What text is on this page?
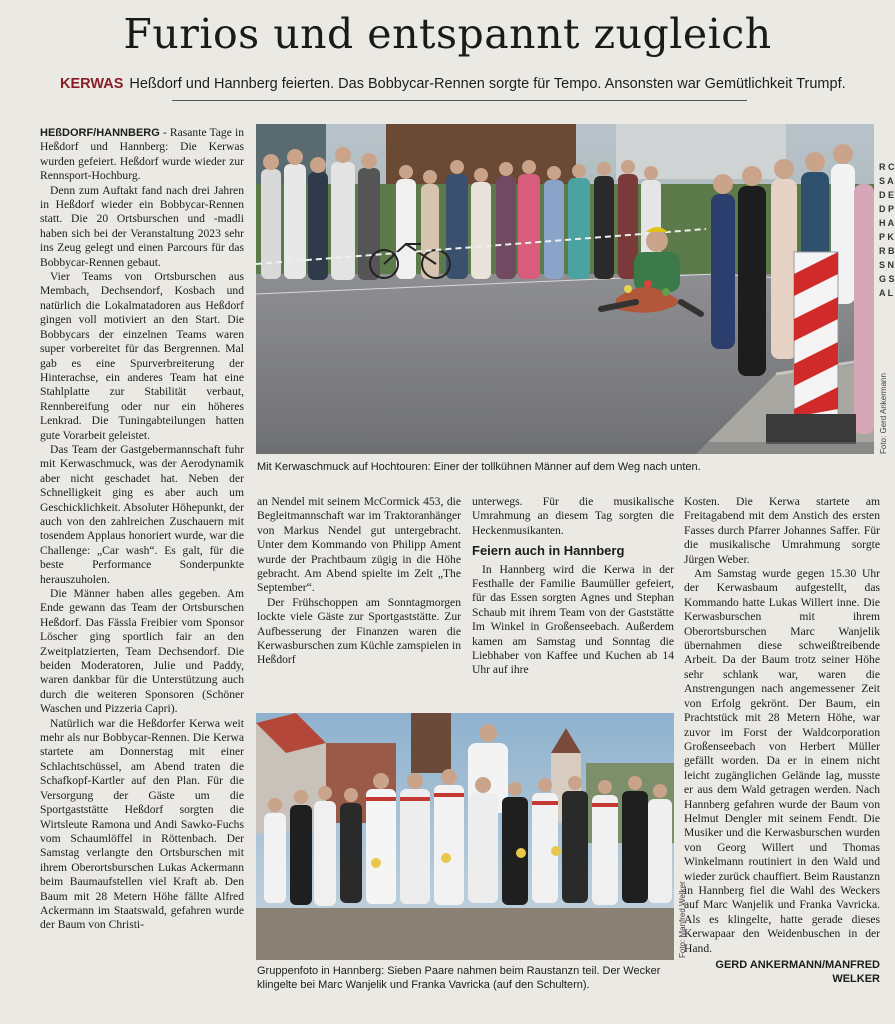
Furios und entspannt zugleich
KERWAS Heßdorf und Hannberg feierten. Das Bobbycar-Rennen sorgte für Tempo. Ansonsten war Gemütlichkeit Trumpf.

HEßDORF/HANNBERG - Rasante Tage in Heßdorf und Hannberg: Die Kerwas wurden gefeiert. Heßdorf wurde wieder zur Rennsport-Hochburg.

Denn zum Auftakt fand nach drei Jahren in Heßdorf wieder ein Bobbycar-Rennen statt. Die 20 Ortsburschen und -madli haben sich bei der Veranstaltung 2023 sehr ins Zeug gelegt und einen Parcours für das Bobbycar-Rennen gebaut.

Vier Teams von Ortsburschen aus Membach, Dechsendorf, Kosbach und natürlich die Lokalmatadoren aus Heßdorf gingen voll motiviert an den Start. Die Bobbycars der einzelnen Teams waren super vorbereitet für das Bergrennen. Mal gab es eine Spurverbreiterung der Hinterachse, ein anderes Team hat eine Stahlplatte zur Stabilität verbaut, Rennbereifung oder nur ein höheres Lenkrad. Die Tuningabteilungen hatten gute Vorarbeit geleistet.

Das Team der Gastgebermannschaft fuhr mit Kerwaschmuck, was der Aerodynamik aber nicht geschadet hat. Neben der Schnelligkeit ging es aber auch um Geschicklichkeit. Absoluter Höhepunkt, der auch von den zahlreichen Zuschauern mit tosendem Applaus honoriert wurde, war die Challenge: „Car wash“. Es galt, für die beste Performance Sonderpunkte herauszuholen.

Die Männer haben alles gegeben. Am Ende gewann das Team der Ortsburschen Heßdorf. Das Fässla Freibier vom Sponsor Löscher ging sportlich fair an den Zweitplatzierten, Team Dechsendorf. Die beiden Moderatoren, Julie und Paddy, waren dankbar für die Unterstützung auch durch die weiteren Sponsoren (Schöner Waschen und Pizzeria Capri).

Natürlich war die Heßdorfer Kerwa weit mehr als nur Bobbycar-Rennen. Die Kerwa startete am Donnerstag mit einer Schlachtschüssel, am Abend traten die Schafkopf-Kartler auf den Plan. Für die Versorgung der Gäste um die Sportgaststätte Heßdorf sorgten die Wirtsleute Ramona und Andi Sawko-Fuchs vom Schaumlöffel in Röttenbach. Der Samstag verlangte den Ortsburschen mit ihrem Oberortsburschen Lukas Ackermann beim Baumaufstellen viel Kraft ab. Den Baum mit 28 Metern Höhe fällte Alfred Ackermann im Staatswald, gefahren wurde der Baum von Christi-

Foto: Gerd Ankermann
Mit Kerwaschmuck auf Hochtouren: Einer der tollkühnen Männer auf dem Weg nach unten.

an Nendel mit seinem McCormick 453, die Begleitmannschaft war im Traktoranhänger von Markus Nendel gut untergebracht. Unter dem Kommando von Philipp Ament wurde der Prachtbaum zügig in die Höhe gebracht. Am Abend spielte im Zelt „The September“.

Der Frühschoppen am Sonntagmorgen lockte viele Gäste zur Sportgaststätte. Zur Aufbesserung der Finanzen waren die Kerwasburschen zum Küchle zamspielen in Heßdorf

unterwegs. Für die musikalische Umrahmung an diesem Tag sorgten die Heckenmusikanten.

Feiern auch in Hannberg

In Hannberg wird die Kerwa in der Festhalle der Familie Baumüller gefeiert, für das Essen sorgten Agnes und Stephan Schaub mit ihrem Team von der Gaststätte Im Winkel in Großenseebach. Außerdem kamen am Samstag und Sonntag die Liebhaber von Kaffee und Kuchen ab 14 Uhr auf ihre

Kosten. Die Kerwa startete am Freitagabend mit dem Anstich des ersten Fasses durch Pfarrer Johannes Saffer. Für die musikalische Umrahmung sorgte Jürgen Weber.

Am Samstag wurde gegen 15.30 Uhr der Kerwasbaum aufgestellt, das Kommando hatte Lukas Willert inne. Die Kerwasburschen mit ihrem Oberortsburschen Marc Wanjelik übernahmen diese schweißtreibende Arbeit. Da der Baum trotz seiner Höhe sehr schlank war, waren die Anstrengungen nach angemessener Zeit von Erfolg gekrönt. Der Baum, ein Prachtstück mit 28 Metern Höhe, war zuvor im Forst der Waldcorporation Großenseebach von Herbert Müller gefällt worden. Da er in einem nicht leicht zugänglichen Gelände lag, musste er aus dem Wald getragen werden. Nach Hannberg gefahren wurde der Baum von Helmut Dengler mit seinem Fendt. Die Musiker und die Kerwasburschen wurden von Georg Willert und Thomas Winkelmann routiniert in den Wald und wieder zurück chauffiert. Beim Raustanzn in Hannberg fiel die Wahl des Weckers auf Marc Wanjelik und Franka Vavricka. Als es klingelte, hatte gerade dieses Kerwapaar den Weidenbuschen in der Hand.

GERD ANKERMANN/MANFRED WELKER
Foto: Manfred Welker
Gruppenfoto in Hannberg: Sieben Paare nahmen beim Raustanzn teil. Der Wecker klingelte bei Marc Wanjelik und Franka Vavricka (auf den Schultern).
R C S A D E D P H A P K R B S N G S A L
